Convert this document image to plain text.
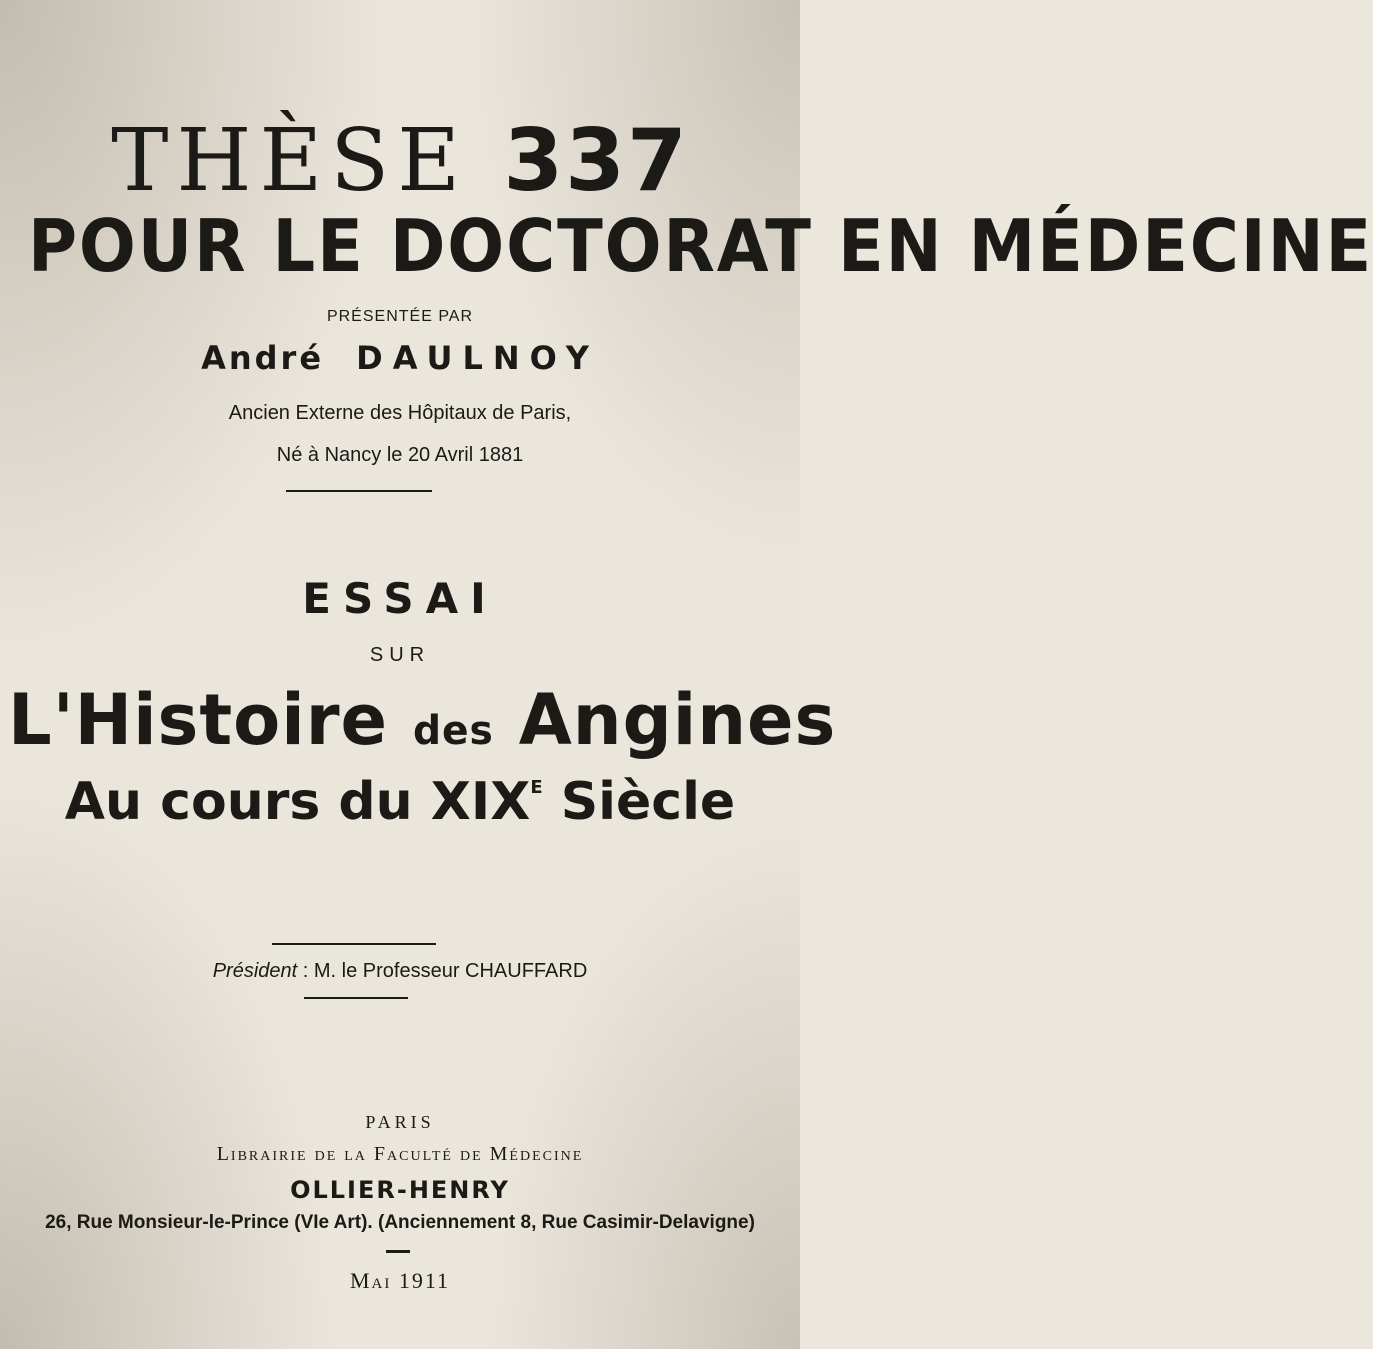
THÈSE 337
POUR LE DOCTORAT EN MÉDECINE
PRÉSENTÉE PAR
André DAULNOY
Ancien Externe des Hôpitaux de Paris,
Né à Nancy le 20 Avril 1881
ESSAI
SUR
L'Histoire des Angines
Au cours du $XIX^E$ Siècle
Président : M. le Professeur CHAUFFARD
PARIS
Librairie de la Faculté de Médecine
OLLIER-HENRY
26, Rue Monsieur-le-Prince (VIe Art). (Anciennement 8, Rue Casimir-Delavigne)
Mai 1911
